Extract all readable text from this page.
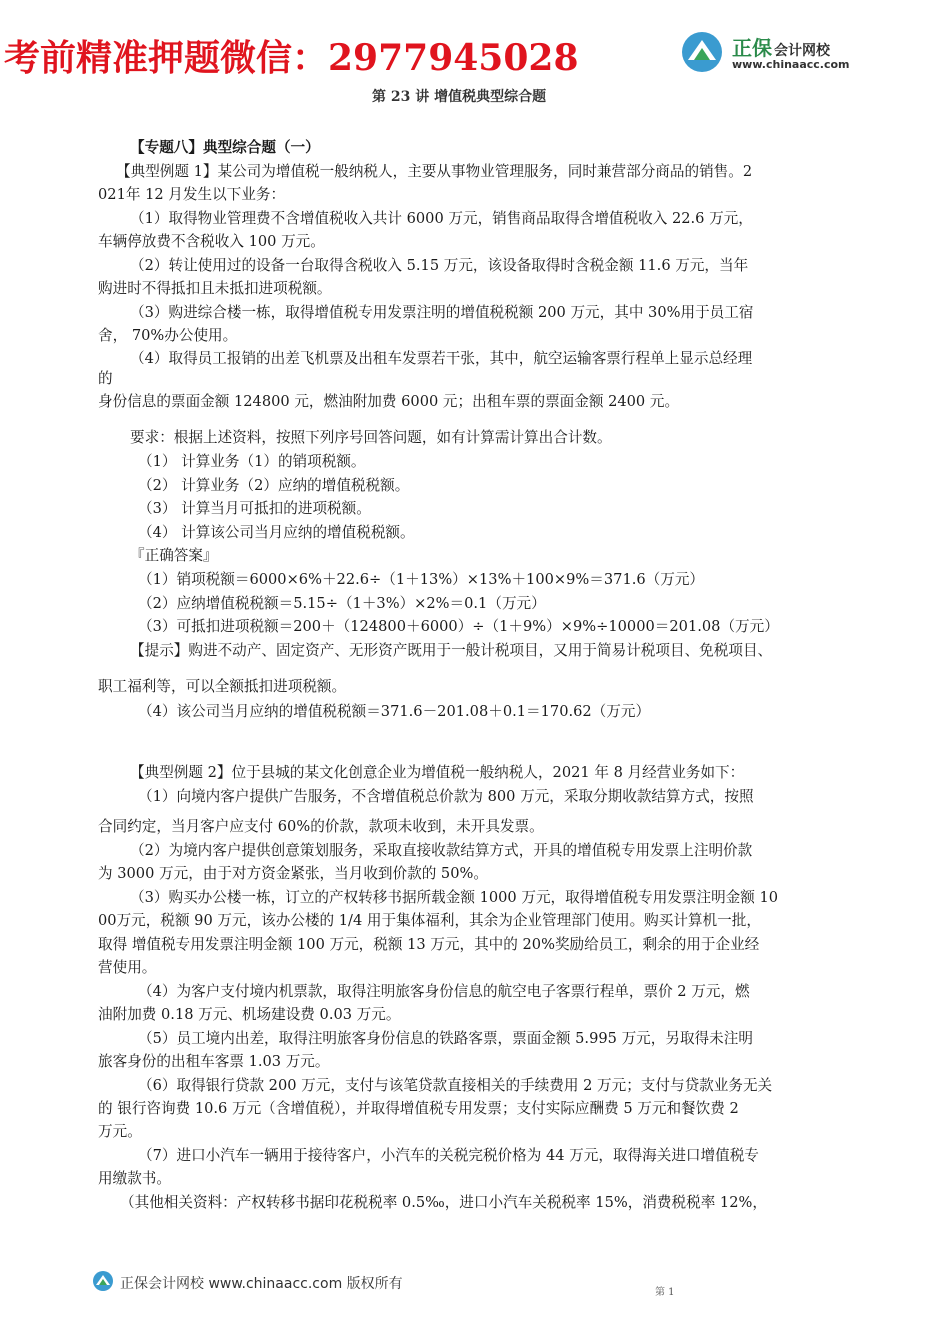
考前精准押题微信：2977945028	正保 会计网校
www.chinaacc.com
第 23 讲 增值税典型综合题
【专题八】典型综合题（一）
【典型例题 1】某公司为增值税一般纳税人，主要从事物业管理服务，同时兼营部分商品的销售。2
021年 12 月发生以下业务：
（1）取得物业管理费不含增值税收入共计 6000 万元，销售商品取得含增值税收入 22.6 万元，
车辆停放费不含税收入 100 万元。
（2）转让使用过的设备一台取得含税收入 5.15 万元，该设备取得时含税金额 11.6 万元，当年
购进时不得抵扣且未抵扣进项税额。
（3）购进综合楼一栋，取得增值税专用发票注明的增值税税额 200 万元，其中 30%用于员工宿
舍， 70%办公使用。
（4）取得员工报销的出差飞机票及出租车发票若干张，其中，航空运输客票行程单上显示总经理
的
身份信息的票面金额 124800 元，燃油附加费 6000 元；出租车票的票面金额 2400 元。
要求：根据上述资料，按照下列序号回答问题，如有计算需计算出合计数。
（1） 计算业务（1）的销项税额。
（2） 计算业务（2）应纳的增值税税额。
（3） 计算当月可抵扣的进项税额。
（4） 计算该公司当月应纳的增值税税额。
『正确答案』
（1）销项税额＝6000×6%＋22.6÷（1＋13%）×13%＋100×9%＝371.6（万元）
（2）应纳增值税税额＝5.15÷（1＋3%）×2%＝0.1（万元）
（3）可抵扣进项税额＝200＋（124800＋6000）÷（1＋9%）×9%÷10000＝201.08（万元）
【提示】购进不动产、固定资产、无形资产既用于一般计税项目，又用于简易计税项目、免税项目、
职工福利等，可以全额抵扣进项税额。
（4）该公司当月应纳的增值税税额＝371.6－201.08＋0.1＝170.62（万元）
【典型例题 2】位于县城的某文化创意企业为增值税一般纳税人，2021 年 8 月经营业务如下：
（1）向境内客户提供广告服务，不含增值税总价款为 800 万元，采取分期收款结算方式，按照
合同约定，当月客户应支付 60%的价款，款项未收到，未开具发票。
（2）为境内客户提供创意策划服务，采取直接收款结算方式，开具的增值税专用发票上注明价款
为 3000 万元，由于对方资金紧张，当月收到价款的 50%。
（3）购买办公楼一栋，订立的产权转移书据所载金额 1000 万元，取得增值税专用发票注明金额 10
00万元，税额 90 万元，该办公楼的 1/4 用于集体福利，其余为企业管理部门使用。购买计算机一批，
取得 增值税专用发票注明金额 100 万元，税额 13 万元，其中的 20%奖励给员工，剩余的用于企业经
营使用。
（4）为客户支付境内机票款，取得注明旅客身份信息的航空电子客票行程单，票价 2 万元，燃
油附加费 0.18 万元、机场建设费 0.03 万元。
（5）员工境内出差，取得注明旅客身份信息的铁路客票，票面金额 5.995 万元，另取得未注明
旅客身份的出租车客票 1.03 万元。
（6）取得银行贷款 200 万元，支付与该笔贷款直接相关的手续费用 2 万元；支付与贷款业务无关
的 银行咨询费 10.6 万元（含增值税），并取得增值税专用发票；支付实际应酬费 5 万元和餐饮费 2
万元。
（7）进口小汽车一辆用于接待客户，小汽车的关税完税价格为 44 万元，取得海关进口增值税专
用缴款书。
（其他相关资料：产权转移书据印花税税率 0.5‰，进口小汽车关税税率 15%，消费税税率 12%，
正保会计网校 www.chinaacc.com 版权所有
第 1
